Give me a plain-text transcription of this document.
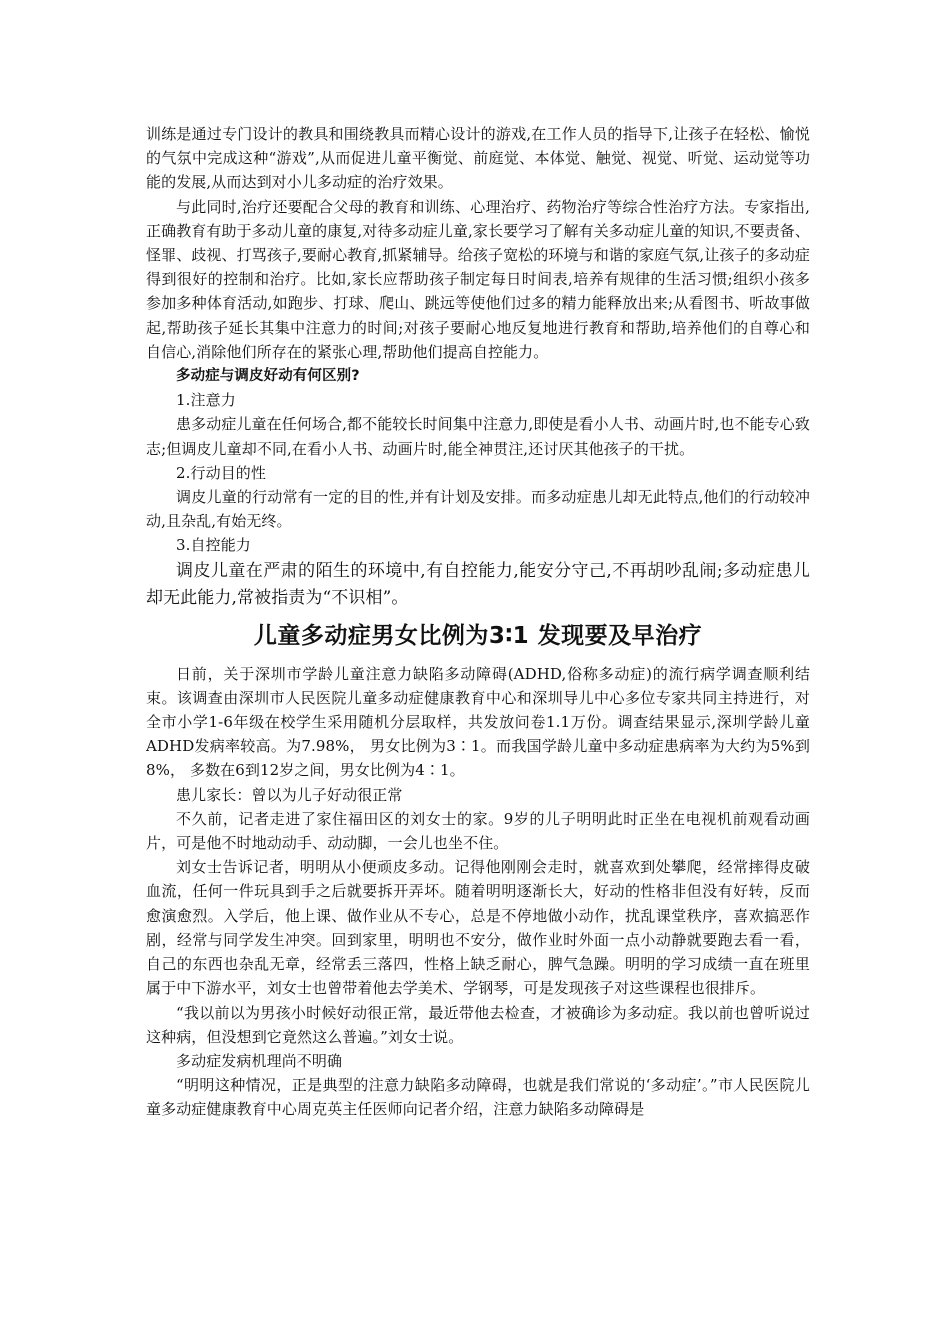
训练是通过专门设计的教具和围绕教具而精心设计的游戏,在工作人员的指导下,让孩子在轻松、愉悦的气氛中完成这种“游戏”,从而促进儿童平衡觉、前庭觉、本体觉、触觉、视觉、听觉、运动觉等功能的发展,从而达到对小儿多动症的治疗效果。

与此同时,治疗还要配合父母的教育和训练、心理治疗、药物治疗等综合性治疗方法。专家指出,正确教育有助于多动儿童的康复,对待多动症儿童,家长要学习了解有关多动症儿童的知识,不要责备、怪罪、歧视、打骂孩子,要耐心教育,抓紧辅导。给孩子宽松的环境与和谐的家庭气氛,让孩子的多动症得到很好的控制和治疗。比如,家长应帮助孩子制定每日时间表,培养有规律的生活习惯;组织小孩多参加多种体育活动,如跑步、打球、爬山、跳远等使他们过多的精力能释放出来;从看图书、听故事做起,帮助孩子延长其集中注意力的时间;对孩子要耐心地反复地进行教育和帮助,培养他们的自尊心和自信心,消除他们所存在的紧张心理,帮助他们提高自控能力。

多动症与调皮好动有何区别?

1.注意力

患多动症儿童在任何场合,都不能较长时间集中注意力,即使是看小人书、动画片时,也不能专心致志;但调皮儿童却不同,在看小人书、动画片时,能全神贯注,还讨厌其他孩子的干扰。

2.行动目的性

调皮儿童的行动常有一定的目的性,并有计划及安排。而多动症患儿却无此特点,他们的行动较冲动,且杂乱,有始无终。

3.自控能力

调皮儿童在严肃的陌生的环境中,有自控能力,能安分守己,不再胡吵乱闹;多动症患儿却无此能力,常被指责为“不识相”。

儿童多动症男女比例为3∶1 发现要及早治疗

日前，关于深圳市学龄儿童注意力缺陷多动障碍(ADHD,俗称多动症)的流行病学调查顺利结束。该调查由深圳市人民医院儿童多动症健康教育中心和深圳导儿中心多位专家共同主持进行，对全市小学1-6年级在校学生采用随机分层取样，共发放问卷1.1万份。调查结果显示,深圳学龄儿童 ADHD发病率较高。为7.98%， 男女比例为3∶1。而我国学龄儿童中多动症患病率为大约为5%到8%， 多数在6到12岁之间，男女比例为4∶1。

患儿家长：曾以为儿子好动很正常

不久前，记者走进了家住福田区的刘女士的家。9岁的儿子明明此时正坐在电视机前观看动画片，可是他不时地动动手、动动脚，一会儿也坐不住。

刘女士告诉记者，明明从小便顽皮多动。记得他刚刚会走时，就喜欢到处攀爬，经常摔得皮破血流，任何一件玩具到手之后就要拆开弄坏。随着明明逐渐长大，好动的性格非但没有好转，反而愈演愈烈。入学后，他上课、做作业从不专心，总是不停地做小动作，扰乱课堂秩序，喜欢搞恶作剧，经常与同学发生冲突。回到家里，明明也不安分，做作业时外面一点小动静就要跑去看一看，自己的东西也杂乱无章，经常丢三落四，性格上缺乏耐心，脾气急躁。明明的学习成绩一直在班里属于中下游水平，刘女士也曾带着他去学美术、学钢琴，可是发现孩子对这些课程也很排斥。

“我以前以为男孩小时候好动很正常，最近带他去检查，才被确诊为多动症。我以前也曾听说过这种病，但没想到它竟然这么普遍。”刘女士说。

多动症发病机理尚不明确

“明明这种情况，正是典型的注意力缺陷多动障碍，也就是我们常说的‘多动症’。”市人民医院儿童多动症健康教育中心周克英主任医师向记者介绍，注意力缺陷多动障碍是
